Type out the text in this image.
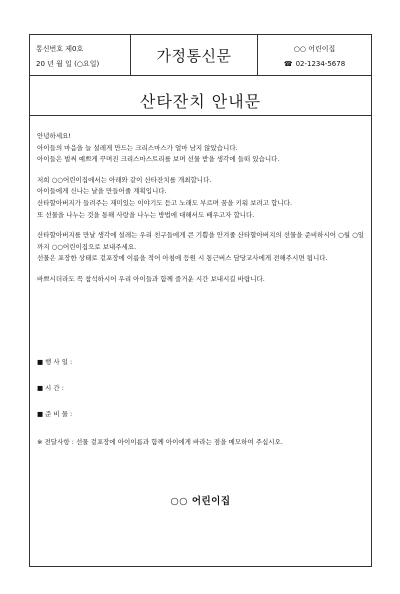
통신번호 제0호
20 년 월 일 (○요일)	가정통신문	○○ 어린이집
☎ 02-1234-5678
산타잔치 안내문

안녕하세요!
아이들의 마음을 늘 설레게 만드는 크리스마스가 얼마 남지 않았습니다.
아이들은 벌써 예쁘게 꾸며진 크리스마스트리를 보며 선물 받을 생각에 들떠 있습니다.

저희 ○○어린이집에서는 아래와 같이 산타잔치를 개최합니다.
아이들에게 신나는 날을 만들어줄 계획입니다.
산타할아버지가 들려주는 재미있는 이야기도 듣고 노래도 부르며 꿈을 키워 보려고 합니다.
또 선물을 나누는 것을 통해 사랑을 나누는 방법에 대해서도 배우고자 합니다.

산타할아버지를 만날 생각에 설레는 우리 친구들에게 큰 기쁨을 안겨줄 산타할아버지의 선물을 준비하시어 ○월 ○일까지 ○○어린이집으로 보내주세요.
선물은 포장한 상태로 겉포장에 이름을 적어 아침에 등원 시 통근버스 담당교사에게 전해주시면 됩니다.

바쁘시더라도 꼭 참석하시어 우리 아이들과 함께 즐거운 시간 보내시길 바랍니다.

■ 행 사 일 :
■ 시 간 :
■ 준 비 물 :
※ 전달사항 : 선물 겉포장에 아이이름과 함께 아이에게 바라는 점을 메모하여 주십시오.
○○ 어린이집
